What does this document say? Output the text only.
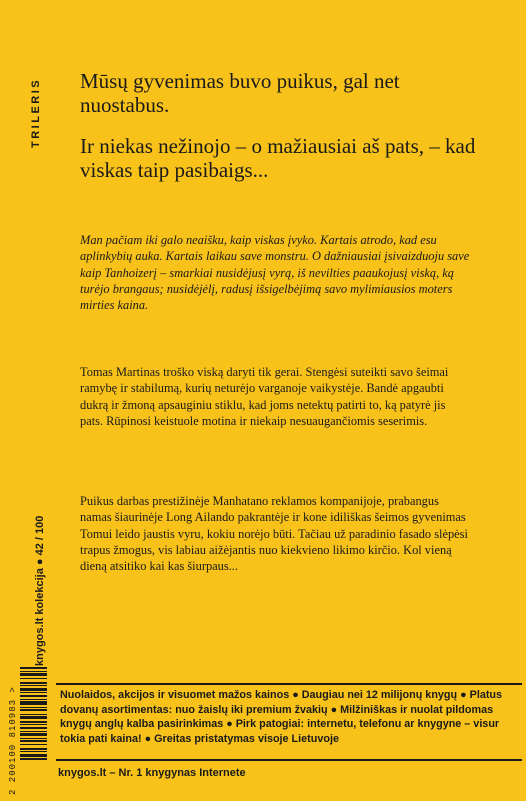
TRILERIS
knygos.lt kolekcija ● 42 / 100
2 200100 810983 >
Mūsų gyvenimas buvo puikus, gal net nuostabus.
Ir niekas nežinojo – o mažiausiai aš pats, – kad viskas taip pasibaigs...

Man pačiam iki galo neaišku, kaip viskas įvyko. Kartais atrodo, kad esu aplinkybių auka. Kartais laikau save monstru. O dažniausiai įsivaizduoju save kaip Tanhoizerį – smarkiai nusidėjusį vyrą, iš nevilties paaukojusį viską, ką turėjo brangaus; nusidėjėlį, radusį išsigelbėjimą savo mylimiausios moters mirties kaina.

Tomas Martinas troško viską daryti tik gerai. Stengėsi suteikti savo šeimai ramybę ir stabilumą, kurių neturėjo varganoje vaikystėje. Bandė apgaubti dukrą ir žmoną apsauginiu stiklu, kad joms netektų patirti to, ką patyrė jis pats. Rūpinosi keistuole motina ir niekaip nesuaugančiomis seserimis.

Puikus darbas prestižinėje Manhatano reklamos kompanijoje, prabangus namas šiaurinėje Long Ailando pakrantėje ir kone idiliškas šeimos gyvenimas Tomui leido jaustis vyru, kokiu norėjo būti. Tačiau už paradinio fasado slėpėsi trapus žmogus, vis labiau aižėjantis nuo kiekvieno likimo kirčio. Kol vieną dieną atsitiko kai kas šiurpaus...

Nuolaidos, akcijos ir visuomet mažos kainos ● Daugiau nei 12 milijonų knygų ● Platus dovanų asortimentas: nuo žaislų iki premium žvakių ● Milžiniškas ir nuolat pildomas knygų anglų kalba pasirinkimas ● Pirk patogiai: internetu, telefonu ar knygyne – visur tokia pati kaina! ● Greitas pristatymas visoje Lietuvoje

knygos.lt – Nr. 1 knygynas Internete
